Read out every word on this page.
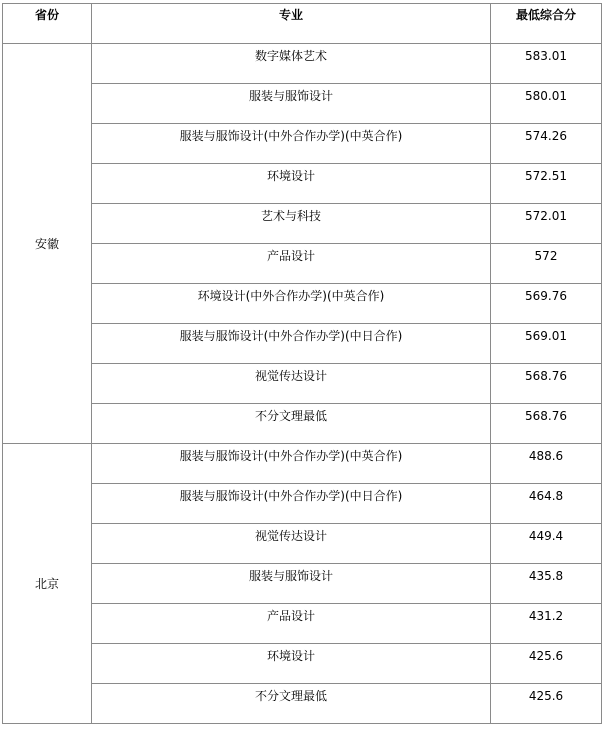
省份	专业	最低综合分
安徽	数字媒体艺术	583.01
	服装与服饰设计	580.01
	服装与服饰设计(中外合作办学)(中英合作)	574.26
	环境设计	572.51
	艺术与科技	572.01
	产品设计	572
	环境设计(中外合作办学)(中英合作)	569.76
	服装与服饰设计(中外合作办学)(中日合作)	569.01
	视觉传达设计	568.76
	不分文理最低	568.76
北京	服装与服饰设计(中外合作办学)(中英合作)	488.6
	服装与服饰设计(中外合作办学)(中日合作)	464.8
	视觉传达设计	449.4
	服装与服饰设计	435.8
	产品设计	431.2
	环境设计	425.6
	不分文理最低	425.6
